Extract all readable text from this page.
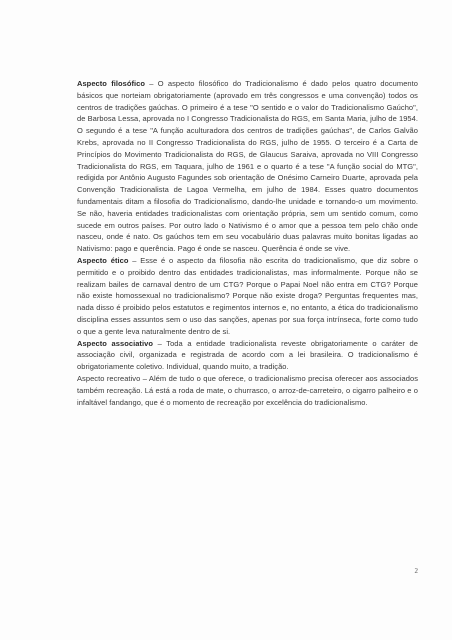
Aspecto filosófico – O aspecto filosófico do Tradicionalismo é dado pelos quatro documento básicos que norteiam obrigatoriamente (aprovado em três congressos e uma convenção) todos os centros de tradições gaúchas. O primeiro é a tese "O sentido e o valor do Tradicionalismo Gaúcho", de Barbosa Lessa, aprovada no I Congresso Tradicionalista do RGS, em Santa Maria, julho de 1954. O segundo é a tese "A função aculturadora dos centros de tradições gaúchas", de Carlos Galvão Krebs, aprovada no II Congresso Tradicionalista do RGS, julho de 1955. O terceiro é a Carta de Princípios do Movimento Tradicionalista do RGS, de Glaucus Saraiva, aprovada no VIII Congresso Tradicionalista do RGS, em Taquara, julho de 1961 e o quarto é a tese "A função social do MTG", redigida por Antônio Augusto Fagundes sob orientação de Onésimo Carneiro Duarte, aprovada pela Convenção Tradicionalista de Lagoa Vermelha, em julho de 1984. Esses quatro documentos fundamentais ditam a filosofia do Tradicionalismo, dando-lhe unidade e tornando-o um movimento. Se não, haveria entidades tradicionalistas com orientação própria, sem um sentido comum, como sucede em outros países. Por outro lado o Nativismo é o amor que a pessoa tem pelo chão onde nasceu, onde é nato. Os gaúchos tem em seu vocabulário duas palavras muito bonitas ligadas ao Nativismo: pago e querência. Pago é onde se nasceu. Querência é onde se vive.

Aspecto ético – Esse é o aspecto da filosofia não escrita do tradicionalismo, que diz sobre o permitido e o proibido dentro das entidades tradicionalistas, mas informalmente. Porque não se realizam bailes de carnaval dentro de um CTG? Porque o Papai Noel não entra em CTG? Porque não existe homossexual no tradicionalismo? Porque não existe droga? Perguntas frequentes mas, nada disso é proibido pelos estatutos e regimentos internos e, no entanto, a ética do tradicionalismo disciplina esses assuntos sem o uso das sanções, apenas por sua força intrínseca, forte como tudo o que a gente leva naturalmente dentro de si.

Aspecto associativo – Toda a entidade tradicionalista reveste obrigatoriamente o caráter de associação civil, organizada e registrada de acordo com a lei brasileira. O tradicionalismo é obrigatoriamente coletivo. Individual, quando muito, a tradição.

Aspecto recreativo – Além de tudo o que oferece, o tradicionalismo precisa oferecer aos associados também recreação. Lá está a roda de mate, o churrasco, o arroz-de-carreteiro, o cigarro palheiro e o infaltável fandango, que é o momento de recreação por excelência do tradicionalismo.

2
